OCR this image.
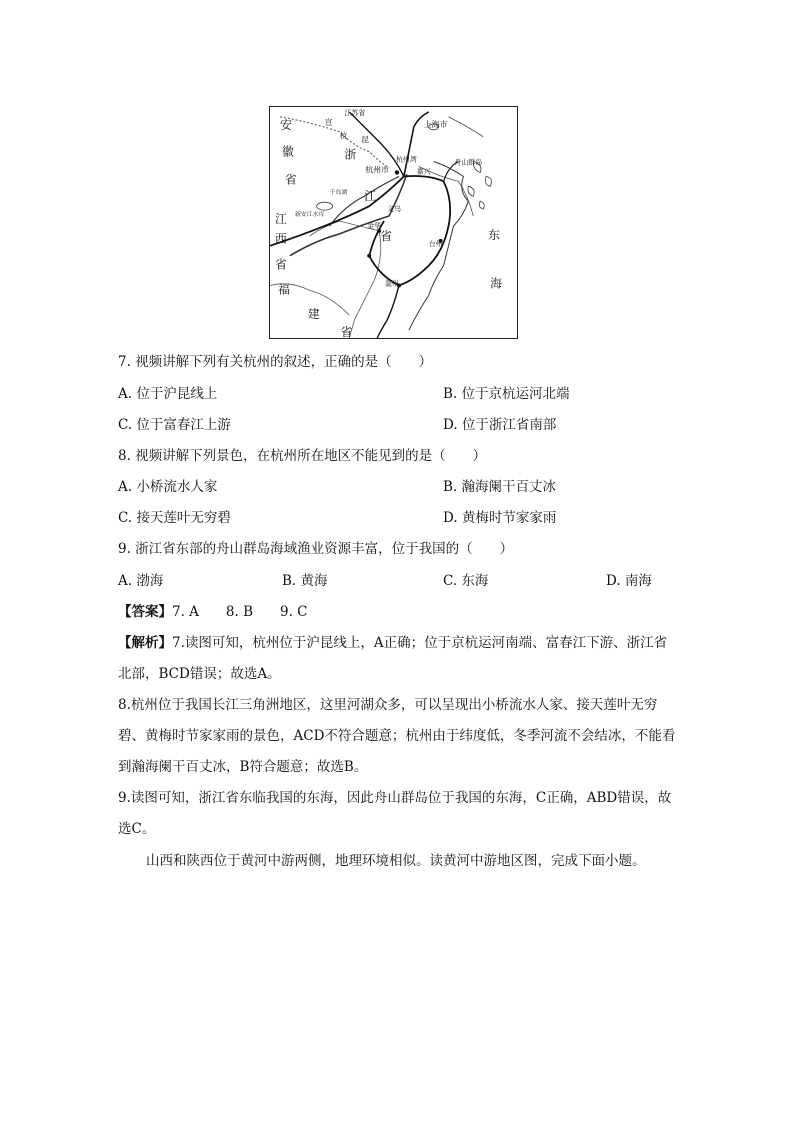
安
徽
省
江
西
省
福
建
省
浙
江
省
江苏省
上海市
杭州市
舟山群岛
杭州湾
嘉兴
义乌
金华
台州
温州
东
海
宣
杭 昆
千岛湖
新安江水库
7. 视频讲解下列有关杭州的叙述，正确的是（　　）
A. 位于沪昆线上	B. 位于京杭运河北端
C. 位于富春江上游	D. 位于浙江省南部
8. 视频讲解下列景色，在杭州所在地区不能见到的是（　　）
A. 小桥流水人家	B. 瀚海阑干百丈冰
C. 接天莲叶无穷碧	D. 黄梅时节家家雨
9. 浙江省东部的舟山群岛海域渔业资源丰富，位于我国的（　　）
A. 渤海	B. 黄海	C. 东海	D. 南海
【答案】7. A　　8. B　　9. C
【解析】7.读图可知，杭州位于沪昆线上，A正确；位于京杭运河南端、富春江下游、浙江省北部，BCD错误；故选A。
8.杭州位于我国长江三角洲地区，这里河湖众多，可以呈现出小桥流水人家、接天莲叶无穷碧、黄梅时节家家雨的景色，ACD不符合题意；杭州由于纬度低，冬季河流不会结冰，不能看到瀚海阑干百丈冰，B符合题意；故选B。
9.读图可知，浙江省东临我国的东海，因此舟山群岛位于我国的东海，C正确，ABD错误，故选C。
山西和陕西位于黄河中游两侧，地理环境相似。读黄河中游地区图，完成下面小题。
